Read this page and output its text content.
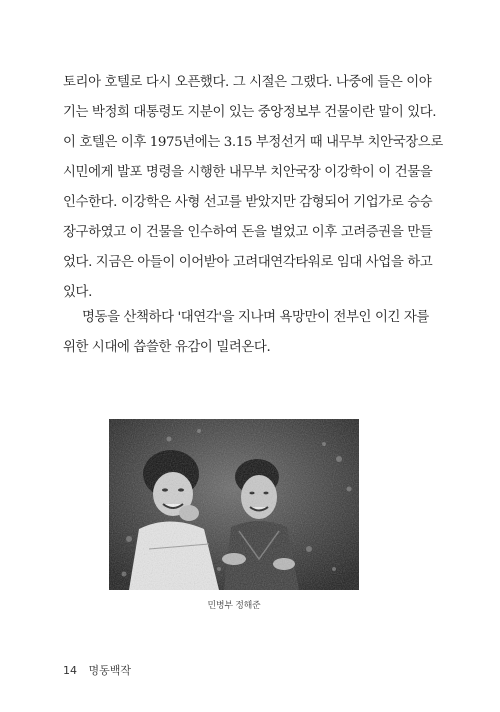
토리아 호텔로 다시 오픈했다. 그 시절은 그랬다. 나중에 들은 이야
기는 박정희 대통령도 지분이 있는 중앙정보부 건물이란 말이 있다.
이 호텔은 이후 1975년에는 3.15 부정선거 때 내무부 치안국장으로
시민에게 발포 명령을 시행한 내무부 치안국장 이강학이 이 건물을
인수한다. 이강학은 사형 선고를 받았지만 감형되어 기업가로 승승
장구하였고 이 건물을 인수하여 돈을 벌었고 이후 고려증권을 만들
었다. 지금은 아들이 이어받아 고려대연각타워로 임대 사업을 하고
있다.
명동을 산책하다 '대연각'을 지나며 욕망만이 전부인 이긴 자를
위한 시대에 씁쓸한 유감이 밀려온다.
민병부 정해준
14 명동백작
